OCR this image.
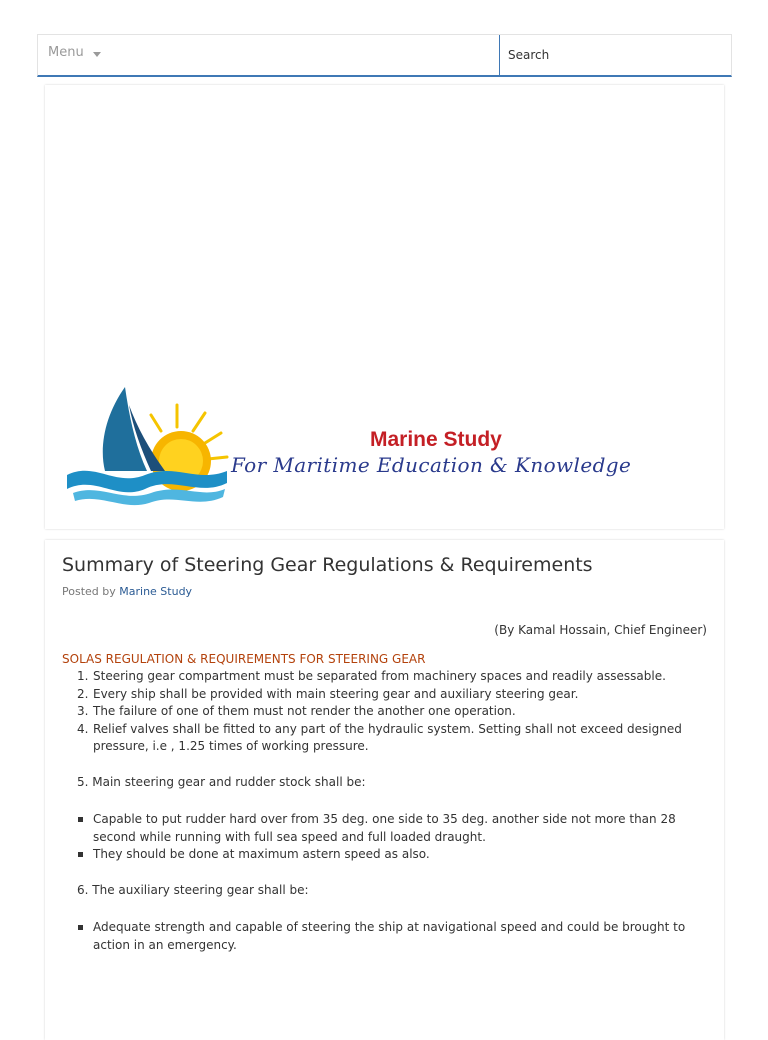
Menu
Search
Marine Study
For Maritime Education & Knowledge
Summary of Steering Gear Regulations & Requirements
Posted by Marine Study
(By Kamal Hossain, Chief Engineer)
SOLAS REGULATION & REQUIREMENTS FOR STEERING GEAR
1. Steering gear compartment must be separated from machinery spaces and readily assessable.
2. Every ship shall be provided with main steering gear and auxiliary steering gear.
3. The failure of one of them must not render the another one operation.
4. Relief valves shall be fitted to any part of the hydraulic system. Setting shall not exceed designed pressure, i.e , 1.25 times of working pressure.
5. Main steering gear and rudder stock shall be:
Capable to put rudder hard over from 35 deg. one side to 35 deg. another side not more than 28 second while running with full sea speed and full loaded draught.
They should be done at maximum astern speed as also.
6. The auxiliary steering gear shall be:
Adequate strength and capable of steering the ship at navigational speed and could be brought to action in an emergency.
